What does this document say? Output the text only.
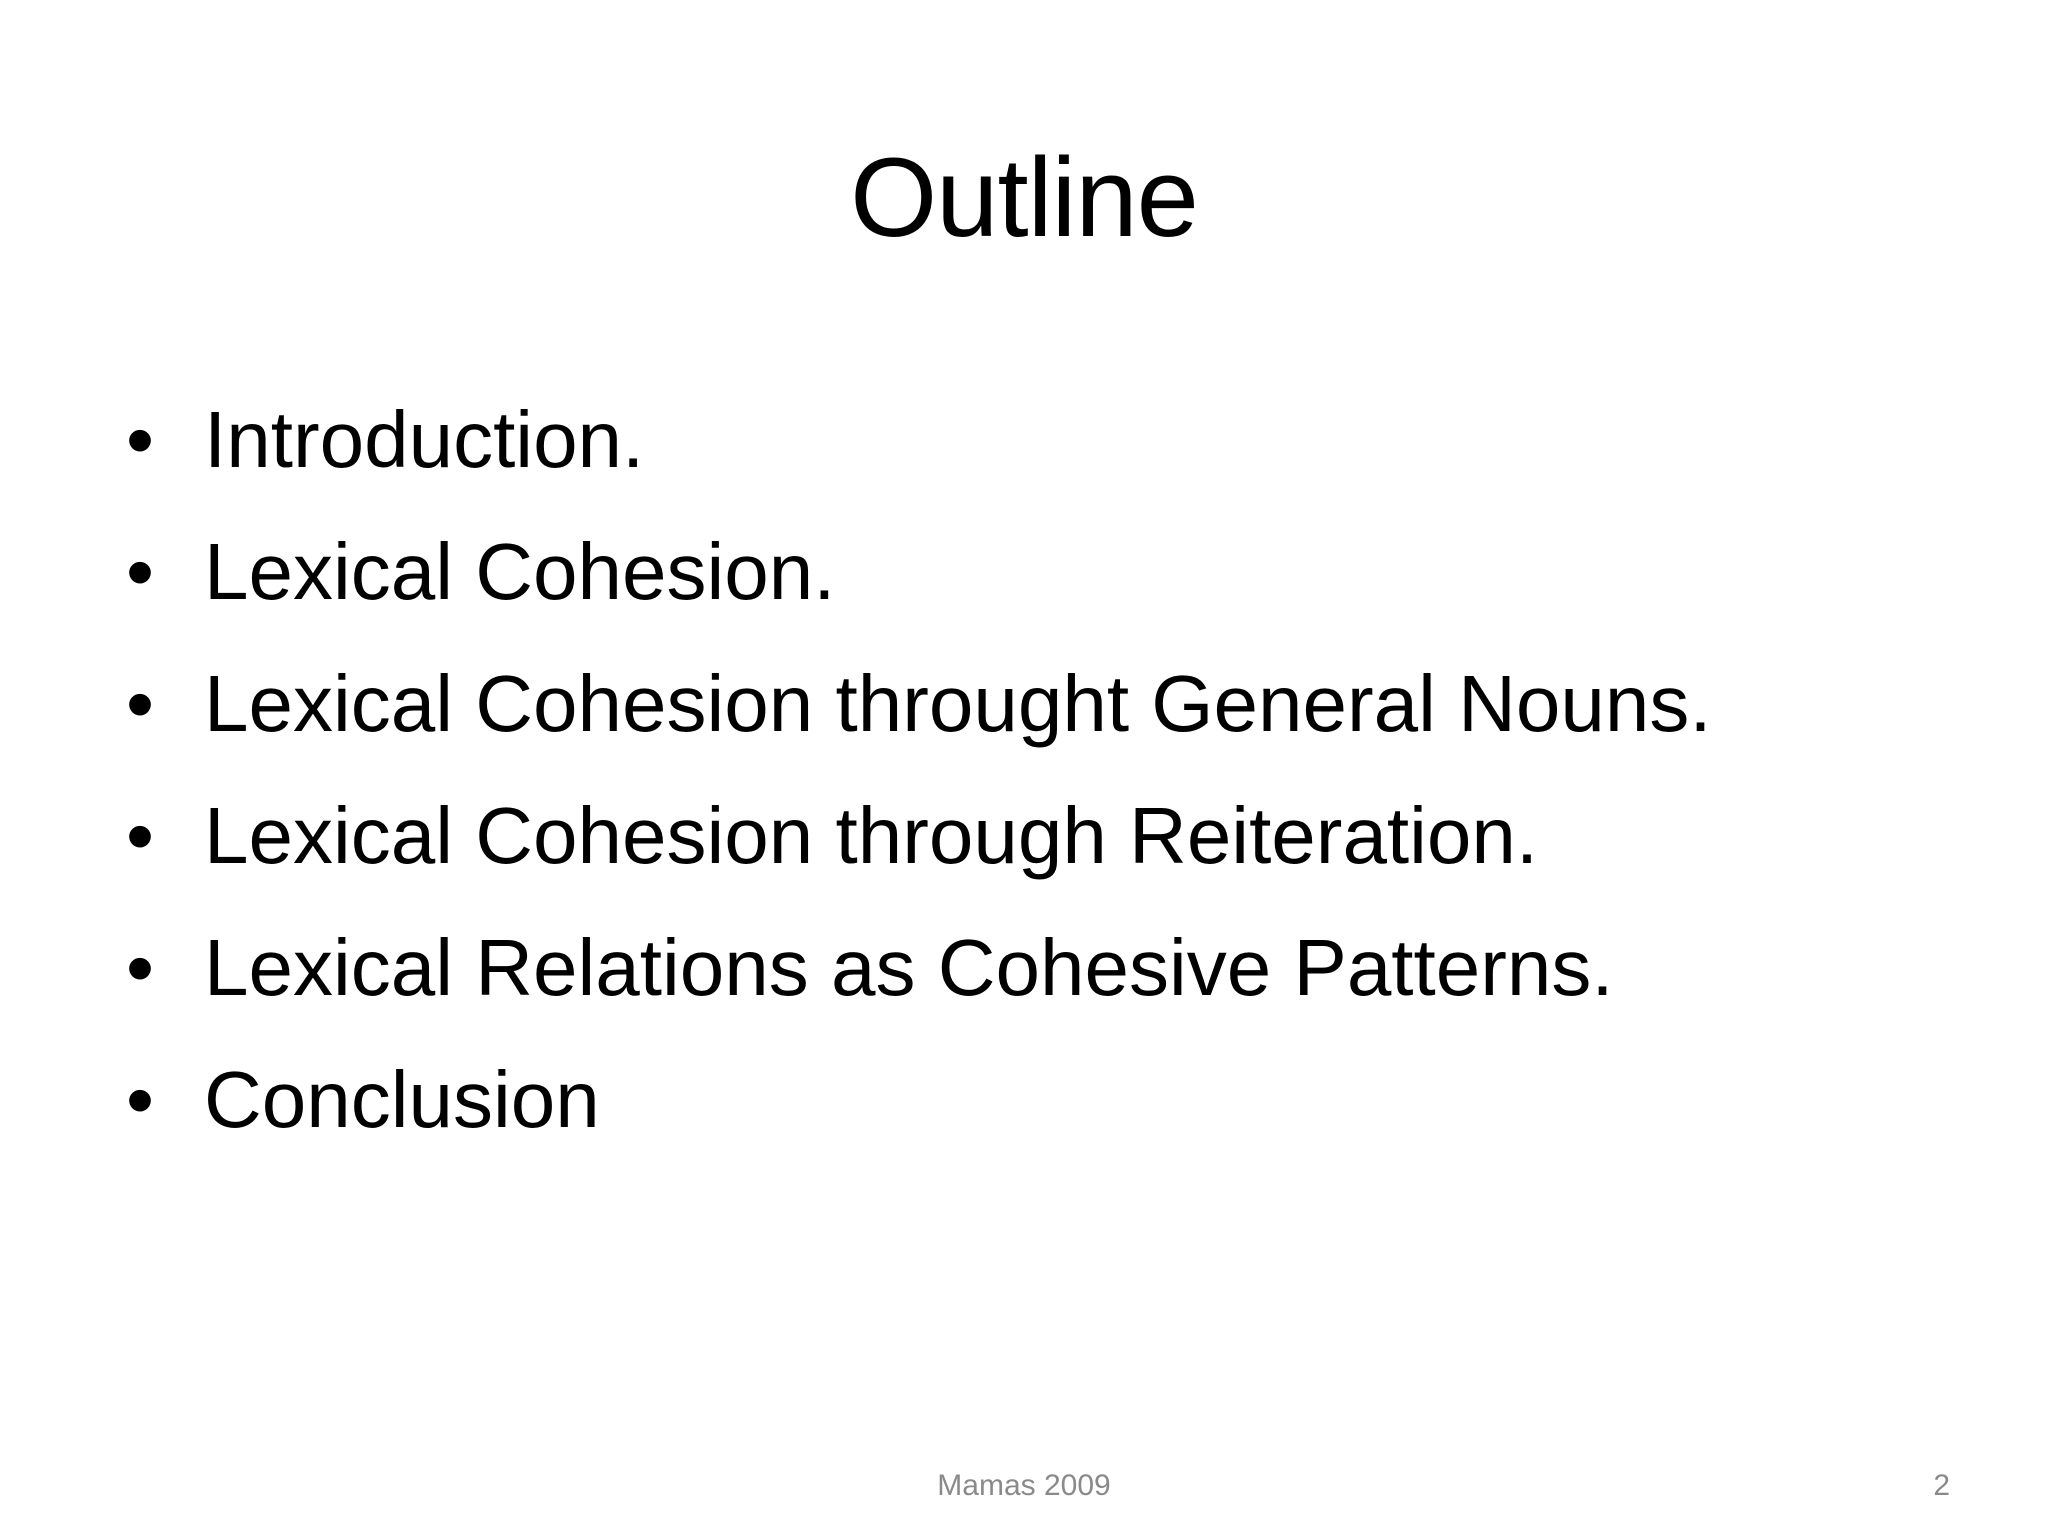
Outline
• Introduction.
• Lexical Cohesion.
• Lexical Cohesion throught General Nouns.
• Lexical Cohesion through Reiteration.
• Lexical Relations as Cohesive Patterns.
• Conclusion
Mamas 2009	2
